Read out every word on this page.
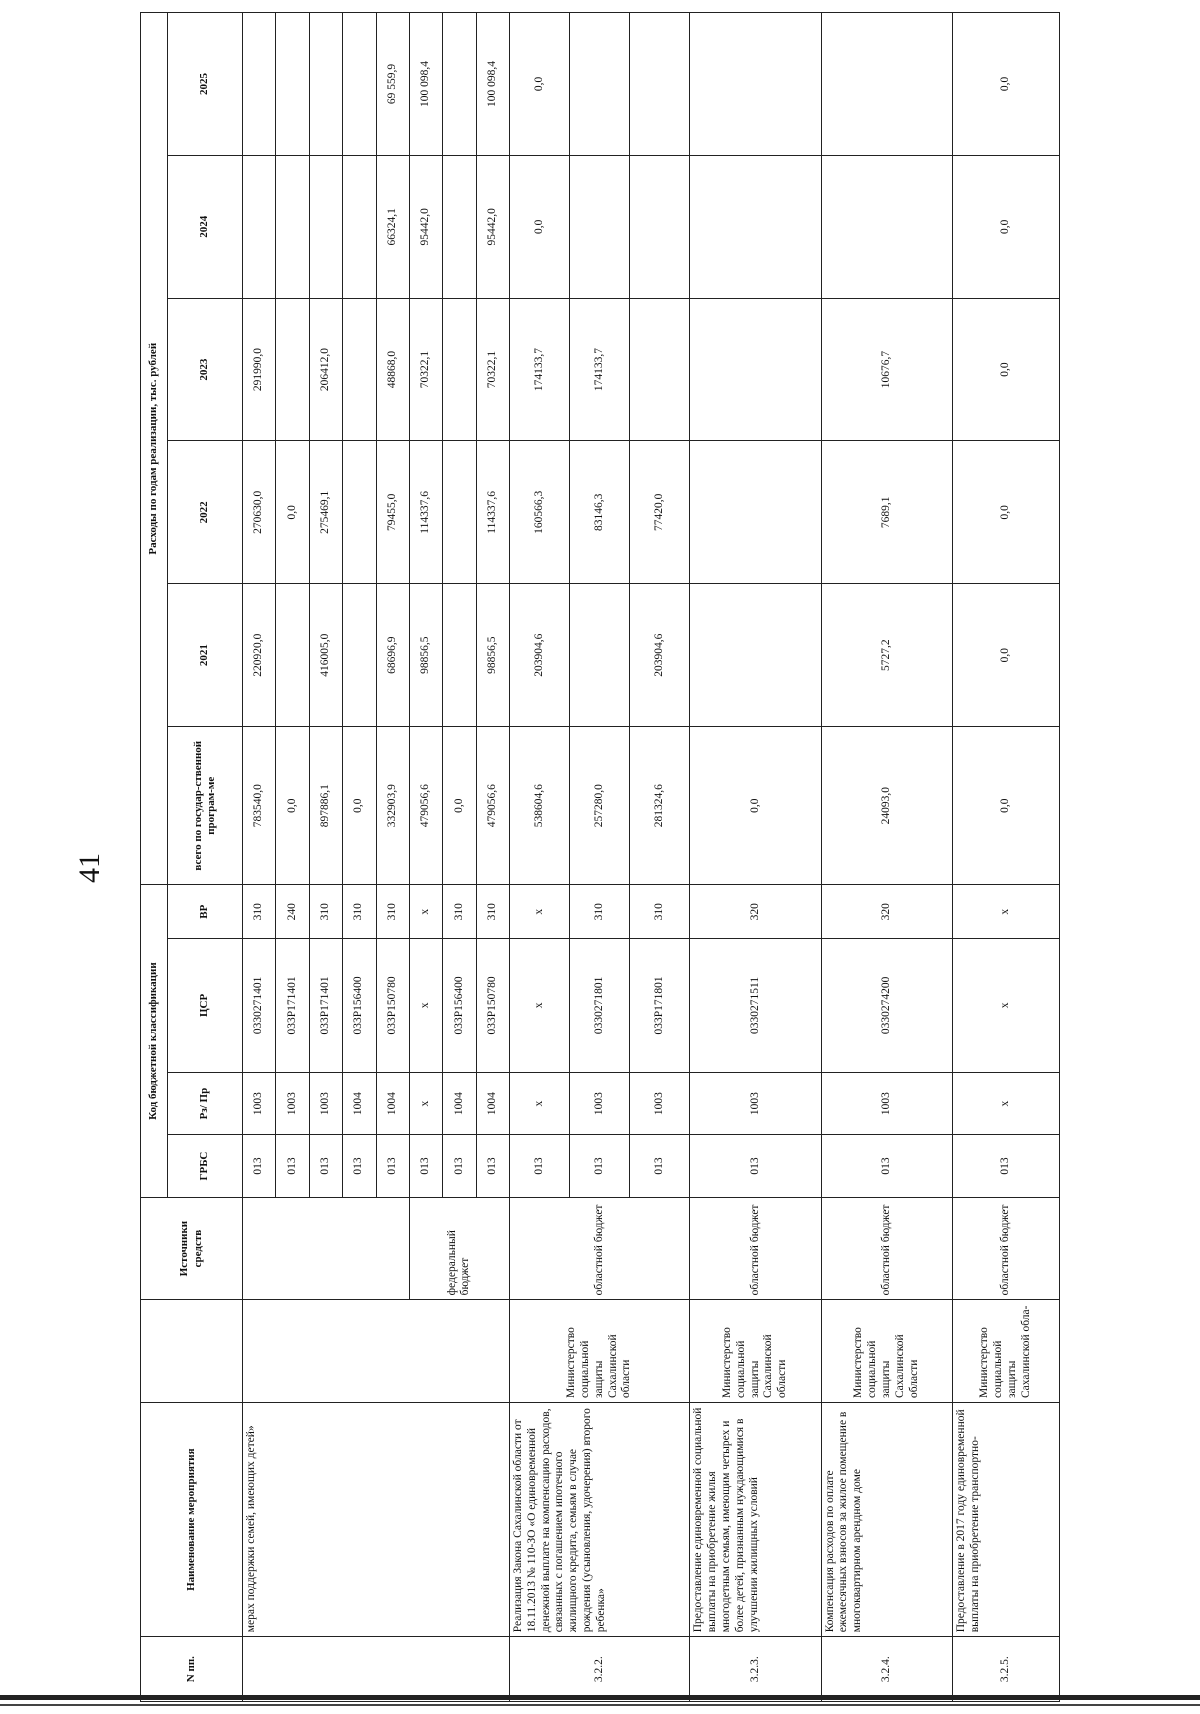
41
N пп.	Наименование мероприятия		Источники средств	Код бюджетной классификации				Расходы по годам реализации, тыс. рублей					
				ГРБС	Рз/ Пр	ЦСР	ВР	всего по государ-ственной програм-ме	2021	2022	2023	2024	2025
	мерах поддержки семей, имеющих детей»			013	1003	0330271401	310	783540,0	220920,0	270630,0	291990,0		
				013	1003	033P171401	240	0,0		0,0			
				013	1003	033P171401	310	897886,1	416005,0	275469,1	206412,0		
				013	1004	033P156400	310	0,0					
				013	1004	033P150780	310	332903,9	68696,9	79455,0	48868,0	66324,1	69 559,9
			федеральный бюджет	013	x	x	x	479056,6	98856,5	114337,6	70322,1	95442,0	100 098,4
				013	1004	033P156400	310	0,0					
				013	1004	033P150780	310	479056,6	98856,5	114337,6	70322,1	95442,0	100 098,4
3.2.2.	Реализация Закона Сахалинской области от 18.11.2013 № 110-ЗО «О единовременной денежной выплате на компенсацию расходов, связанных с погашением ипотечного жилищного кредита, семьям в случае рождения (усыновления, удочерения) второго ребенка»	Министерство социальной защиты Сахалинской области	областной бюджет	013	x	x	x	538604,6	203904,6	160566,3	174133,7	0,0	0,0
				013	1003	0330271801	310	257280,0		83146,3	174133,7		
				013	1003	033P171801	310	281324,6	203904,6	77420,0			
3.2.3.	Предоставление единовременной социальной выплаты на приобретение жилья многодетным семьям, имеющим четырех и более детей, признанным нуждающимися в улучшении жилищных условий	Министерство социальной защиты Сахалинской области	областной бюджет	013	1003	0330271511	320	0,0					
3.2.4.	Компенсация расходов по оплате ежемесячных взносов за жилое помещение в многоквартирном арендном доме	Министерство социальной защиты Сахалинской области	областной бюджет	013	1003	0330274200	320	24093,0	5727,2	7689,1	10676,7		
3.2.5.	Предоставление в 2017 году единовременной выплаты на приобретение транспортно-	Министерство социальной защиты Сахалинской обла-	областной бюджет	013	x	x	x	0,0	0,0	0,0	0,0	0,0	0,0
